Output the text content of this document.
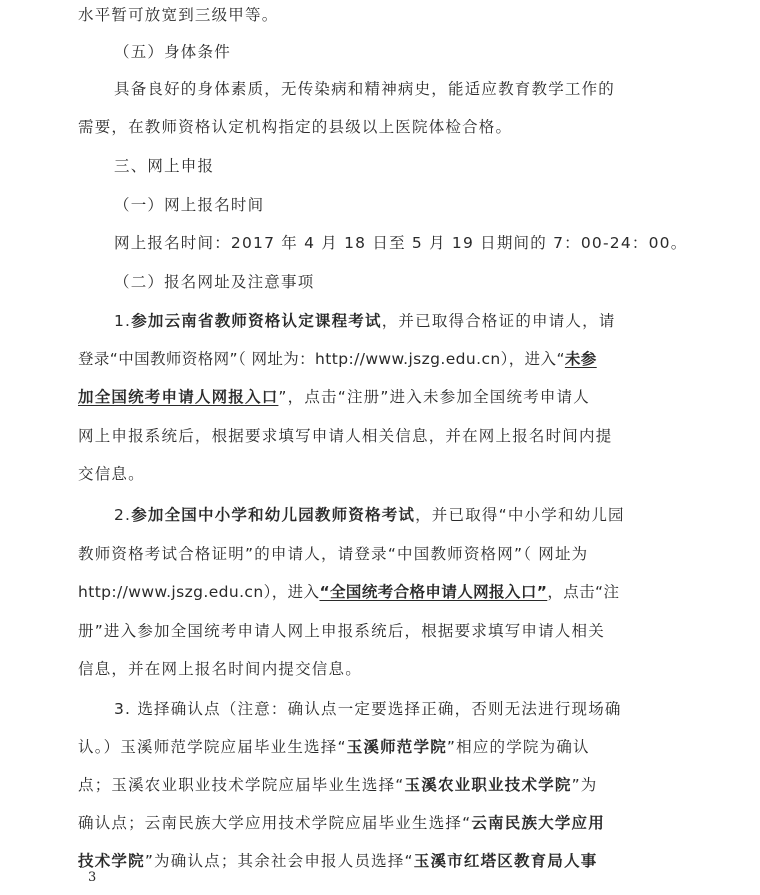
水平暂可放宽到三级甲等。
（五）身体条件
具备良好的身体素质，无传染病和精神病史，能适应教育教学工作的
需要，在教师资格认定机构指定的县级以上医院体检合格。
三、网上申报
（一）网上报名时间
网上报名时间：2017 年 4 月 18 日至 5 月 19 日期间的 7：00-24：00。
（二）报名网址及注意事项
1.参加云南省教师资格认定课程考试，并已取得合格证的申请人，请
登录“中国教师资格网”（ 网址为：http://www.jszg.edu.cn），进入“未参
加全国统考申请人网报入口”，点击“注册”进入未参加全国统考申请人
网上申报系统后，根据要求填写申请人相关信息，并在网上报名时间内提
交信息。
2.参加全国中小学和幼儿园教师资格考试，并已取得“中小学和幼儿园
教师资格考试合格证明”的申请人，请登录“中国教师资格网”（ 网址为
http://www.jszg.edu.cn），进入“全国统考合格申请人网报入口”，点击“注
册”进入参加全国统考申请人网上申报系统后，根据要求填写申请人相关
信息，并在网上报名时间内提交信息。
3. 选择确认点（注意：确认点一定要选择正确，否则无法进行现场确
认。）玉溪师范学院应届毕业生选择“玉溪师范学院”相应的学院为确认
点；玉溪农业职业技术学院应届毕业生选择“玉溪农业职业技术学院”为
确认点；云南民族大学应用技术学院应届毕业生选择“云南民族大学应用
技术学院”为确认点；其余社会申报人员选择“玉溪市红塔区教育局人事
3
